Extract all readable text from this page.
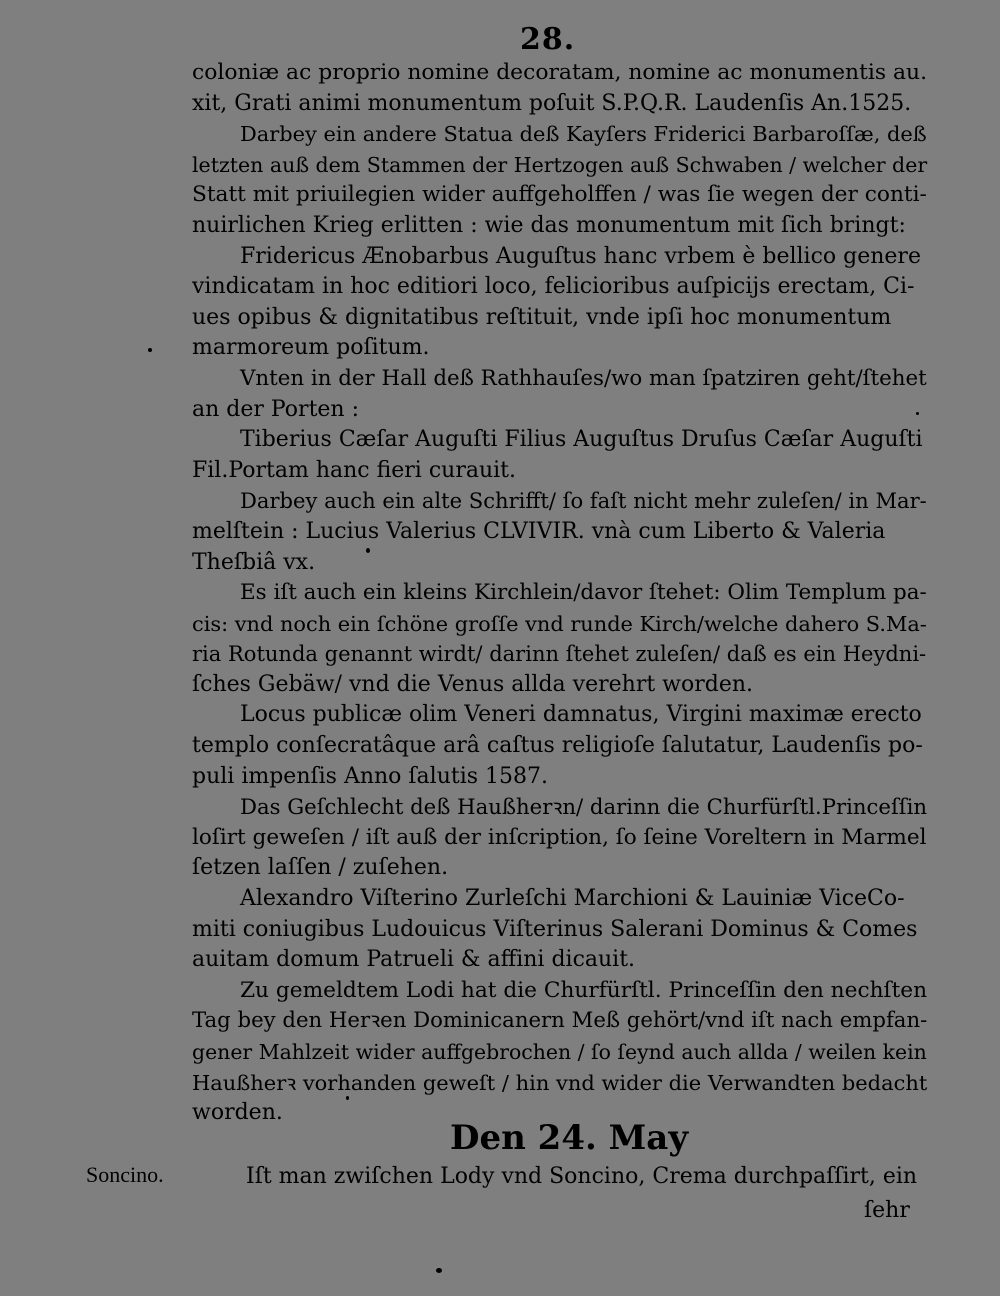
28.
coloniæ ac proprio nomine decoratam, nomine ac monumentis au.
xit, Grati animi monumentum poſuit S.P.Q.R. Laudenſis An.1525.
Darbey ein andere Statua deß Kayſers Friderici Barbaroſſæ, deß
letzten auß dem Stammen der Hertzogen auß Schwaben / welcher der
Statt mit priuilegien wider auffgeholffen / was ſie wegen der conti-
nuirlichen Krieg erlitten : wie das monumentum mit ſich bringt:
Fridericus Ænobarbus Auguſtus hanc vrbem è bellico genere
vindicatam in hoc editiori loco, felicioribus auſpicijs erectam, Ci-
ues opibus & dignitatibus reſtituit, vnde ipſi hoc monumentum
marmoreum poſitum.
Vnten in der Hall deß Rathhauſes/wo man ſpatziren geht/ſtehet
an der Porten :
Tiberius Cæſar Auguſti Filius Auguſtus Druſus Cæſar Auguſti
Fil.Portam hanc fieri curauit.
Darbey auch ein alte Schrifft/ ſo faſt nicht mehr zuleſen/ in Mar-
melſtein : Lucius Valerius CLVIVIR. vnà cum Liberto & Valeria
Theſbiâ vx.
Es iſt auch ein kleins Kirchlein/davor ſtehet: Olim Templum pa-
cis: vnd noch ein ſchöne groſſe vnd runde Kirch/welche dahero S.Ma-
ria Rotunda genannt wirdt/ darinn ſtehet zuleſen/ daß es ein Heydni-
ſches Gebäw/ vnd die Venus allda verehrt worden.
Locus publicæ olim Veneri damnatus, Virgini maximæ erecto
templo conſecratâque arâ caſtus religioſe ſalutatur, Laudenſis po-
puli impenſis Anno ſalutis 1587.
Das Geſchlecht deß Haußherꝛn/ darinn die Churfürſtl.Princeſſin
loſirt geweſen / iſt auß der inſcription, ſo ſeine Voreltern in Marmel
ſetzen laſſen / zuſehen.
Alexandro Viſterino Zurleſchi Marchioni & Lauiniæ ViceCo-
miti coniugibus Ludouicus Viſterinus Salerani Dominus & Comes
auitam domum Patrueli & affini dicauit.
Zu gemeldtem Lodi hat die Churfürſtl. Princeſſin den nechſten
Tag bey den Herꝛen Dominicanern Meß gehört/vnd iſt nach empfan-
gener Mahlzeit wider auffgebrochen / ſo ſeynd auch allda / weilen kein
Haußherꝛ vorhanden geweſt / hin vnd wider die Verwandten bedacht
worden.
Den 24. May
Soncino.	Iſt man zwiſchen Lody vnd Soncino, Crema durchpaſſirt, ein
ſehr
